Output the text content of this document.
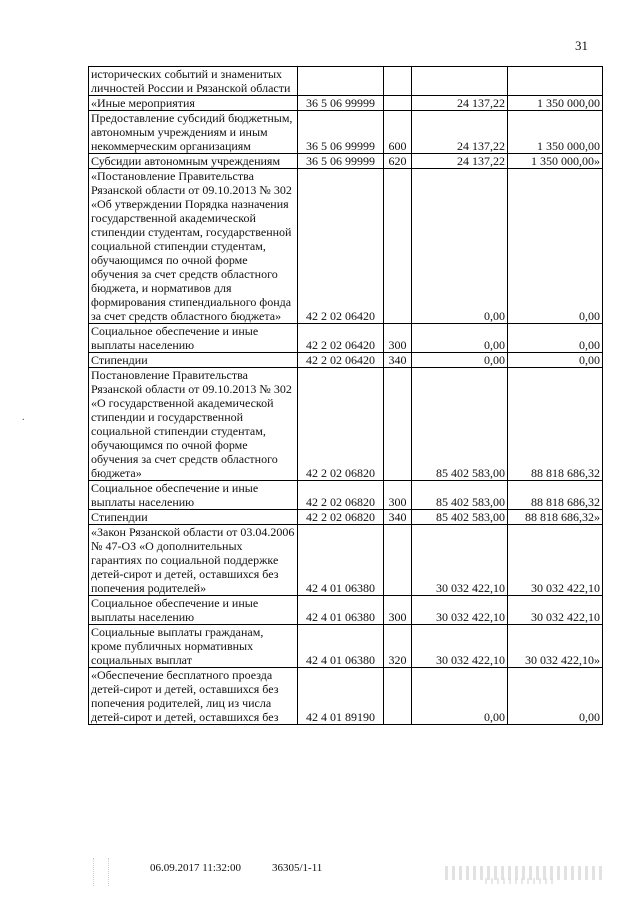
31
исторических событий и знаменитых личностей России и Рязанской области				
«Иные мероприятия	36 5 06 99999		24 137,22	1 350 000,00
Предоставление субсидий бюджетным, автономным учреждениям и иным некоммерческим организациям	36 5 06 99999	600	24 137,22	1 350 000,00
Субсидии автономным учреждениям	36 5 06 99999	620	24 137,22	1 350 000,00»
«Постановление Правительства Рязанской области от 09.10.2013 № 302 «Об утверждении Порядка назначения государственной академической стипендии студентам, государственной социальной стипендии студентам, обучающимся по очной форме обучения за счет средств областного бюджета, и нормативов для формирования стипендиального фонда за счет средств областного бюджета»	42 2 02 06420		0,00	0,00
Социальное обеспечение и иные выплаты населению	42 2 02 06420	300	0,00	0,00
Стипендии	42 2 02 06420	340	0,00	0,00
Постановление Правительства Рязанской области от 09.10.2013 № 302 «О государственной академической стипендии и государственной социальной стипендии студентам, обучающимся по очной форме обучения за счет средств областного бюджета»	42 2 02 06820		85 402 583,00	88 818 686,32
Социальное обеспечение и иные выплаты населению	42 2 02 06820	300	85 402 583,00	88 818 686,32
Стипендии	42 2 02 06820	340	85 402 583,00	88 818 686,32»
«Закон Рязанской области от 03.04.2006 № 47-ОЗ «О дополнительных гарантиях по социальной поддержке детей-сирот и детей, оставшихся без попечения родителей»	42 4 01 06380		30 032 422,10	30 032 422,10
Социальное обеспечение и иные выплаты населению	42 4 01 06380	300	30 032 422,10	30 032 422,10
Социальные выплаты гражданам, кроме публичных нормативных социальных выплат	42 4 01 06380	320	30 032 422,10	30 032 422,10»
«Обеспечение бесплатного проезда детей-сирот и детей, оставшихся без попечения родителей, лиц из числа детей-сирот и детей, оставшихся без	42 4 01 89190		0,00	0,00
.
06.09.2017 11:32:00	36305/1-11
